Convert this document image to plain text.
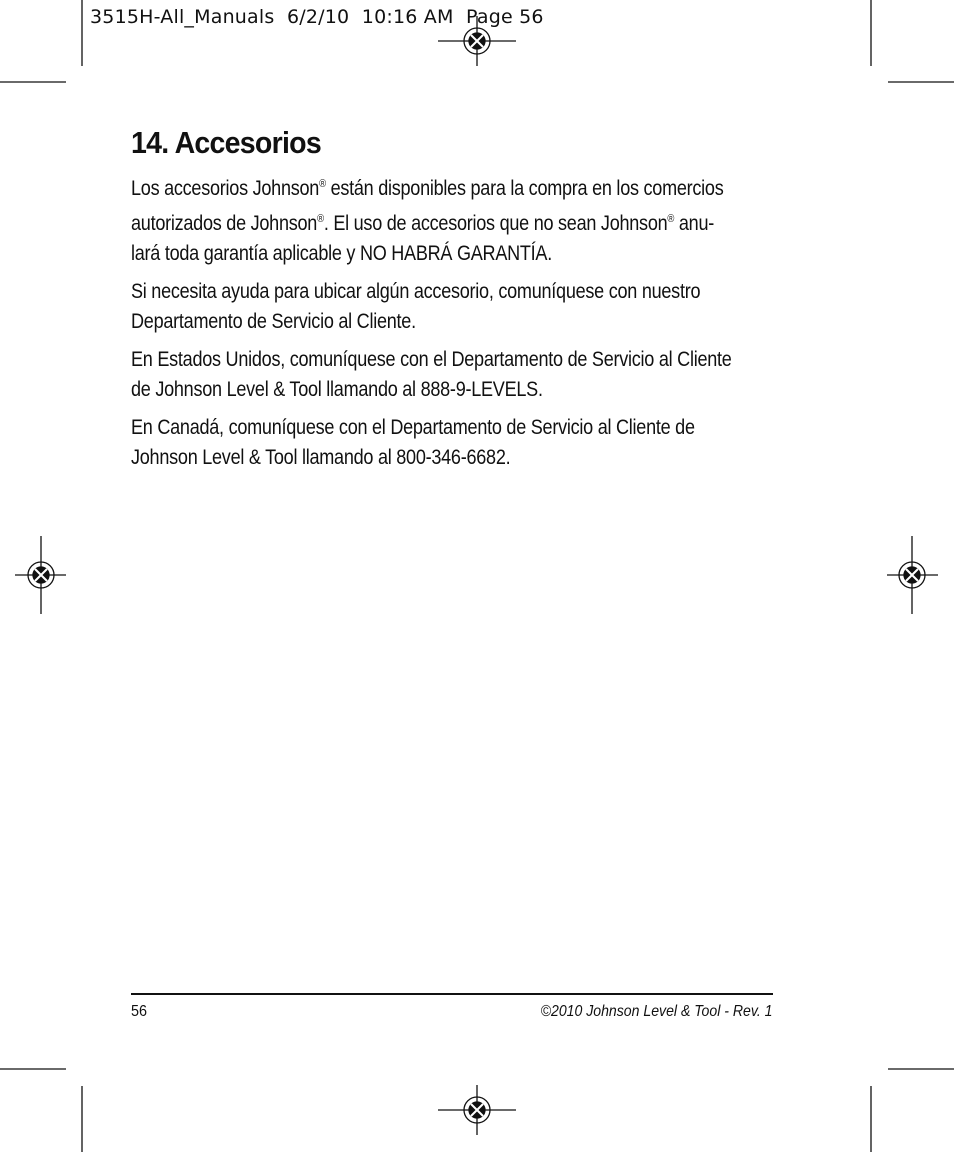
3515H-All_Manuals  6/2/10  10:16 AM  Page 56
14. Accesorios

Los accesorios Johnson® están disponibles para la compra en los comercios
autorizados de Johnson®. El uso de accesorios que no sean Johnson® anu-
lará toda garantía aplicable y NO HABRÁ GARANTÍA.

Si necesita ayuda para ubicar algún accesorio, comuníquese con nuestro
Departamento de Servicio al Cliente.

En Estados Unidos, comuníquese con el Departamento de Servicio al Cliente
de Johnson Level & Tool llamando al 888-9-LEVELS.

En Canadá, comuníquese con el Departamento de Servicio al Cliente de
Johnson Level & Tool llamando al 800-346-6682.

56	©2010 Johnson Level & Tool - Rev. 1
